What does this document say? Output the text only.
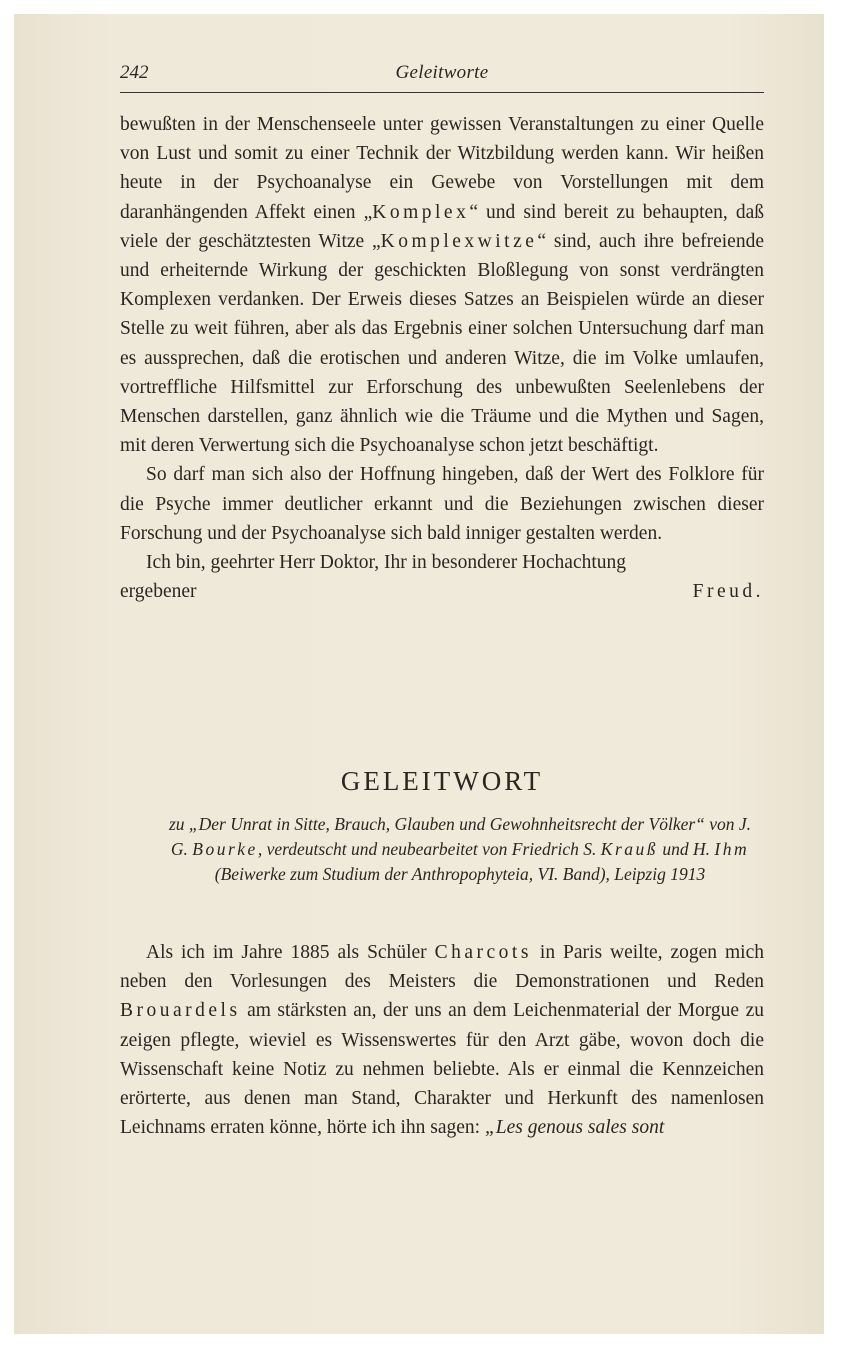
242	Geleitworte

bewußten in der Menschenseele unter gewissen Veranstaltungen zu einer Quelle von Lust und somit zu einer Technik der Witzbildung werden kann. Wir heißen heute in der Psychoanalyse ein Gewebe von Vorstellungen mit dem daranhängenden Affekt einen „Komplex“ und sind bereit zu behaupten, daß viele der geschätztesten Witze „Komplexwitze“ sind, auch ihre befreiende und erheiternde Wirkung der geschickten Bloßlegung von sonst verdrängten Komplexen verdanken. Der Erweis dieses Satzes an Beispielen würde an dieser Stelle zu weit führen, aber als das Ergebnis einer solchen Untersuchung darf man es aussprechen, daß die erotischen und anderen Witze, die im Volke umlaufen, vortreffliche Hilfsmittel zur Erforschung des unbewußten Seelenlebens der Menschen darstellen, ganz ähnlich wie die Träume und die Mythen und Sagen, mit deren Verwertung sich die Psychoanalyse schon jetzt beschäftigt.

So darf man sich also der Hoffnung hingeben, daß der Wert des Folklore für die Psyche immer deutlicher erkannt und die Beziehungen zwischen dieser Forschung und der Psychoanalyse sich bald inniger gestalten werden.

Ich bin, geehrter Herr Doktor, Ihr in besonderer Hochachtung

ergebener	Freud.
GELEITWORT
zu „Der Unrat in Sitte, Brauch, Glauben und Gewohnheitsrecht der Völker“ von J. G. Bourke, verdeutscht und neubearbeitet von Friedrich S. Krauß und H. Ihm (Beiwerke zum Studium der Anthropophyteia, VI. Band), Leipzig 1913

Als ich im Jahre 1885 als Schüler Charcots in Paris weilte, zogen mich neben den Vorlesungen des Meisters die Demonstrationen und Reden Brouardels am stärksten an, der uns an dem Leichenmaterial der Morgue zu zeigen pflegte, wieviel es Wissenswertes für den Arzt gäbe, wovon doch die Wissenschaft keine Notiz zu nehmen beliebte. Als er einmal die Kennzeichen erörterte, aus denen man Stand, Charakter und Herkunft des namenlosen Leichnams erraten könne, hörte ich ihn sagen: „Les genous sales sont
